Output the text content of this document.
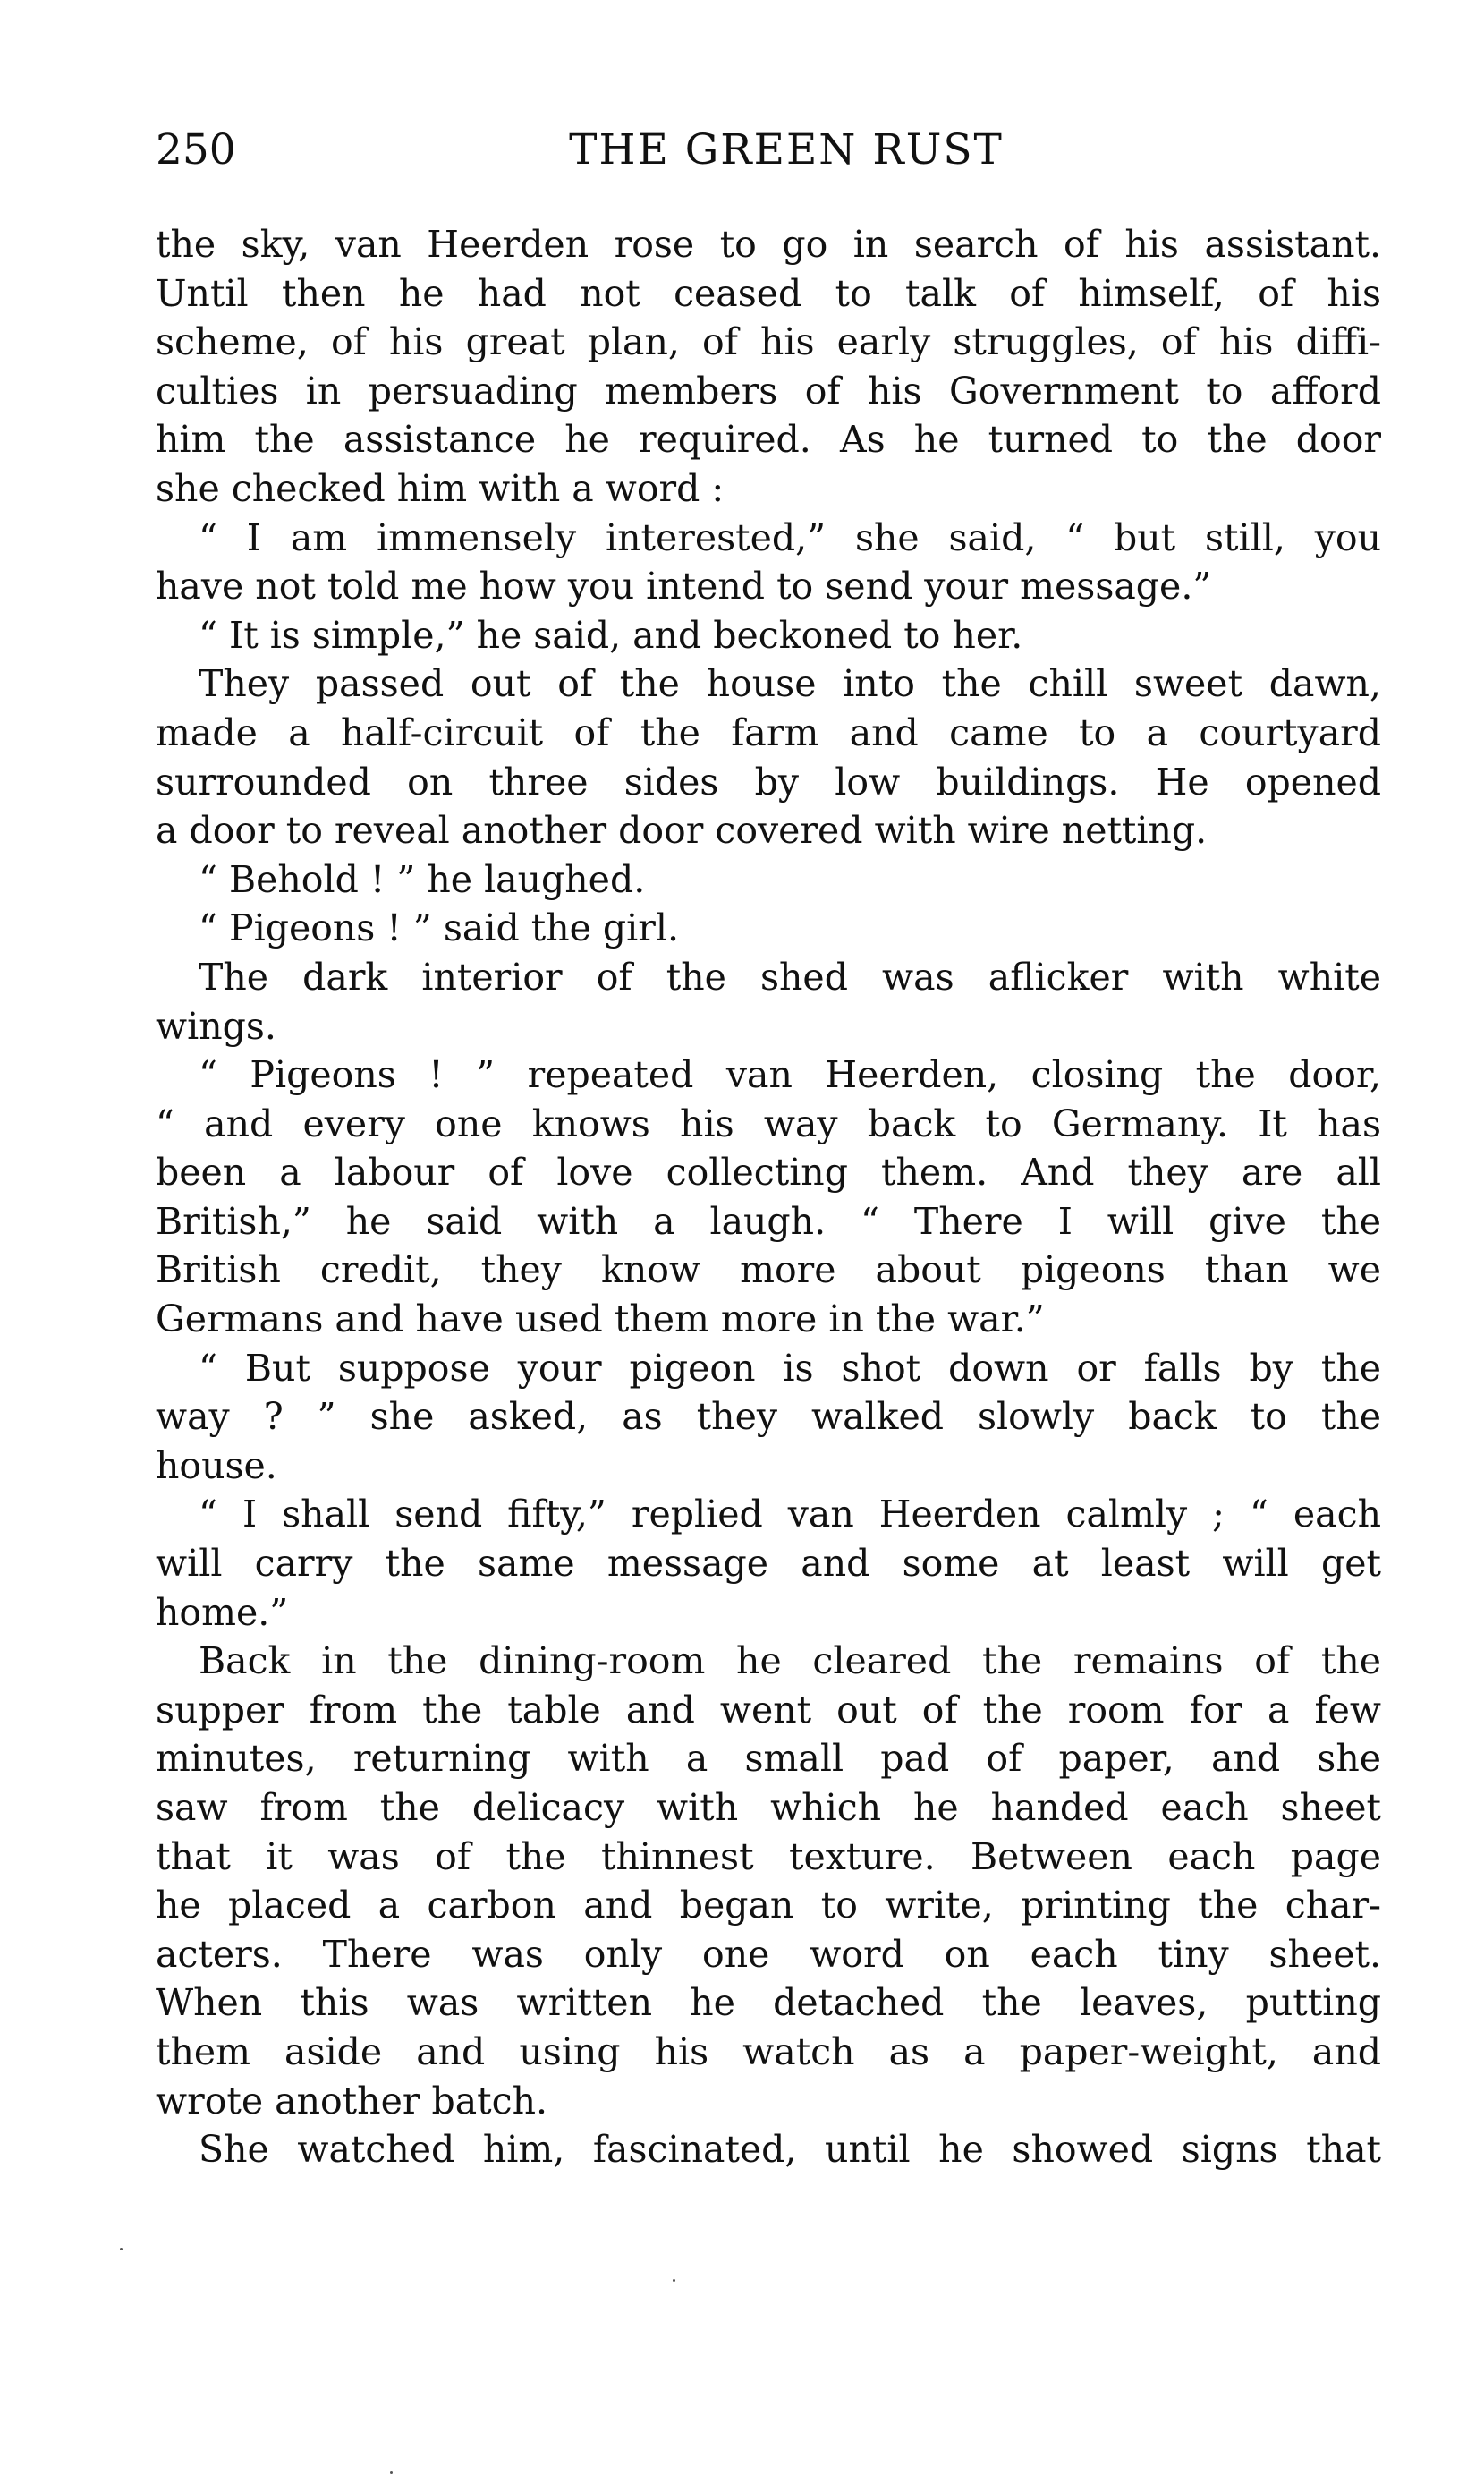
250	THE GREEN RUST
the sky, van Heerden rose to go in search of his assistant.
Until then he had not ceased to talk of himself, of his
scheme, of his great plan, of his early struggles, of his diffi-
culties in persuading members of his Government to afford
him the assistance he required. As he turned to the door
she checked him with a word :
“ I am immensely interested,” she said, “ but still, you
have not told me how you intend to send your message.”
“ It is simple,” he said, and beckoned to her.
They passed out of the house into the chill sweet dawn,
made a half-circuit of the farm and came to a courtyard
surrounded on three sides by low buildings. He opened
a door to reveal another door covered with wire netting.
“ Behold ! ” he laughed.
“ Pigeons ! ” said the girl.
The dark interior of the shed was aflicker with white
wings.
“ Pigeons ! ” repeated van Heerden, closing the door,
“ and every one knows his way back to Germany. It has
been a labour of love collecting them. And they are all
British,” he said with a laugh. “ There I will give the
British credit, they know more about pigeons than we
Germans and have used them more in the war.”
“ But suppose your pigeon is shot down or falls by the
way ? ” she asked, as they walked slowly back to the
house.
“ I shall send fifty,” replied van Heerden calmly ; “ each
will carry the same message and some at least will get
home.”
Back in the dining-room he cleared the remains of the
supper from the table and went out of the room for a few
minutes, returning with a small pad of paper, and she
saw from the delicacy with which he handed each sheet
that it was of the thinnest texture. Between each page
he placed a carbon and began to write, printing the char-
acters. There was only one word on each tiny sheet.
When this was written he detached the leaves, putting
them aside and using his watch as a paper-weight, and
wrote another batch.
She watched him, fascinated, until he showed signs that
